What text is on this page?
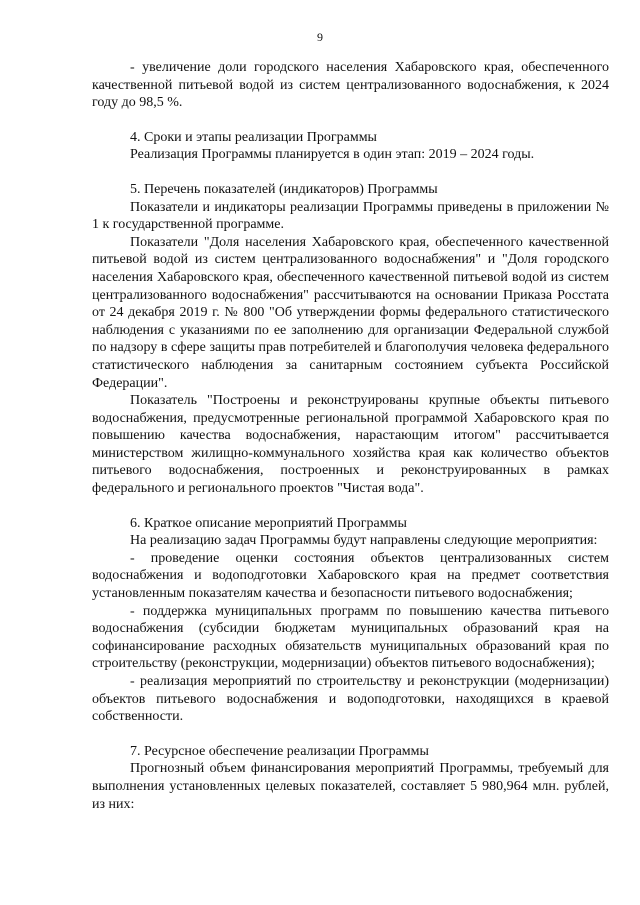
9

- увеличение доли городского населения Хабаровского края, обеспеченного качественной питьевой водой из систем централизованного водоснабжения, к 2024 году до 98,5 %.

4. Сроки и этапы реализации Программы

Реализация Программы планируется в один этап: 2019 – 2024 годы.

5. Перечень показателей (индикаторов) Программы

Показатели и индикаторы реализации Программы приведены в приложении № 1 к государственной программе.

Показатели "Доля населения Хабаровского края, обеспеченного качественной питьевой водой из систем централизованного водоснабжения" и "Доля городского населения Хабаровского края, обеспеченного качественной питьевой водой из систем централизованного водоснабжения" рассчитываются на основании Приказа Росстата от 24 декабря 2019 г. № 800 "Об утверждении формы федерального статистического наблюдения с указаниями по ее заполнению для организации Федеральной службой по надзору в сфере защиты прав потребителей и благополучия человека федерального статистического наблюдения за санитарным состоянием субъекта Российской Федерации".

Показатель "Построены и реконструированы крупные объекты питьевого водоснабжения, предусмотренные региональной программой Хабаровского края по повышению качества водоснабжения, нарастающим итогом" рассчитывается министерством жилищно-коммунального хозяйства края как количество объектов питьевого водоснабжения, построенных и реконструированных в рамках федерального и регионального проектов "Чистая вода".

6. Краткое описание мероприятий Программы

На реализацию задач Программы будут направлены следующие мероприятия:

- проведение оценки состояния объектов централизованных систем водоснабжения и водоподготовки Хабаровского края на предмет соответствия установленным показателям качества и безопасности питьевого водоснабжения;

- поддержка муниципальных программ по повышению качества питьевого водоснабжения (субсидии бюджетам муниципальных образований края на софинансирование расходных обязательств муниципальных образований края по строительству (реконструкции, модернизации) объектов питьевого водоснабжения);

- реализация мероприятий по строительству и реконструкции (модернизации) объектов питьевого водоснабжения и водоподготовки, находящихся в краевой собственности.

7. Ресурсное обеспечение реализации Программы

Прогнозный объем финансирования мероприятий Программы, требуемый для выполнения установленных целевых показателей, составляет 5 980,964 млн. рублей, из них:
